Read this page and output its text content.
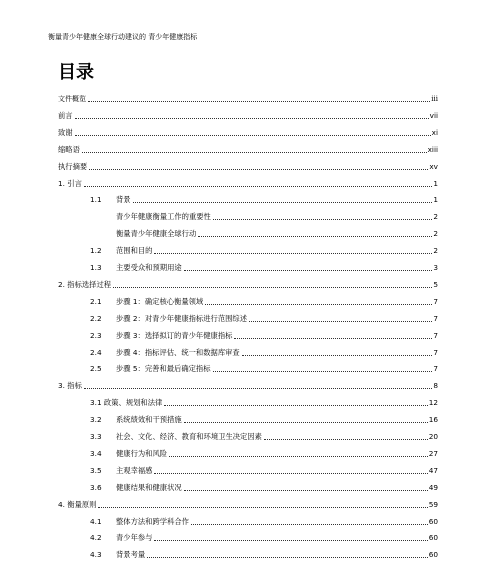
衡量青少年健康全球行动建议的 青少年健康指标
目录
文件概览	iii
前言	vii
致谢	xi
缩略语	xiii
执行摘要	xv
1. 引言	1
1.1	背景	1
青少年健康衡量工作的重要性	2
衡量青少年健康全球行动	2
1.2	范围和目的	2
1.3	主要受众和预期用途	3
2. 指标选择过程	5
2.1	步骤 1：确定核心衡量领域	7
2.2	步骤 2：对青少年健康指标进行范围综述	7
2.3	步骤 3：选择拟订的青少年健康指标	7
2.4	步骤 4：指标评估、统一和数据库审查	7
2.5	步骤 5：完善和最后确定指标	7
3. 指标	8
3.1 政策、规划和法律	12
3.2	系统绩效和干预措施	16
3.3	社会、文化、经济、教育和环境卫生决定因素	20
3.4	健康行为和风险	27
3.5	主观幸福感	47
3.6	健康结果和健康状况	49
4. 衡量原则	59
4.1	整体方法和跨学科合作	60
4.2	青少年参与	60
4.3	背景考量	60
